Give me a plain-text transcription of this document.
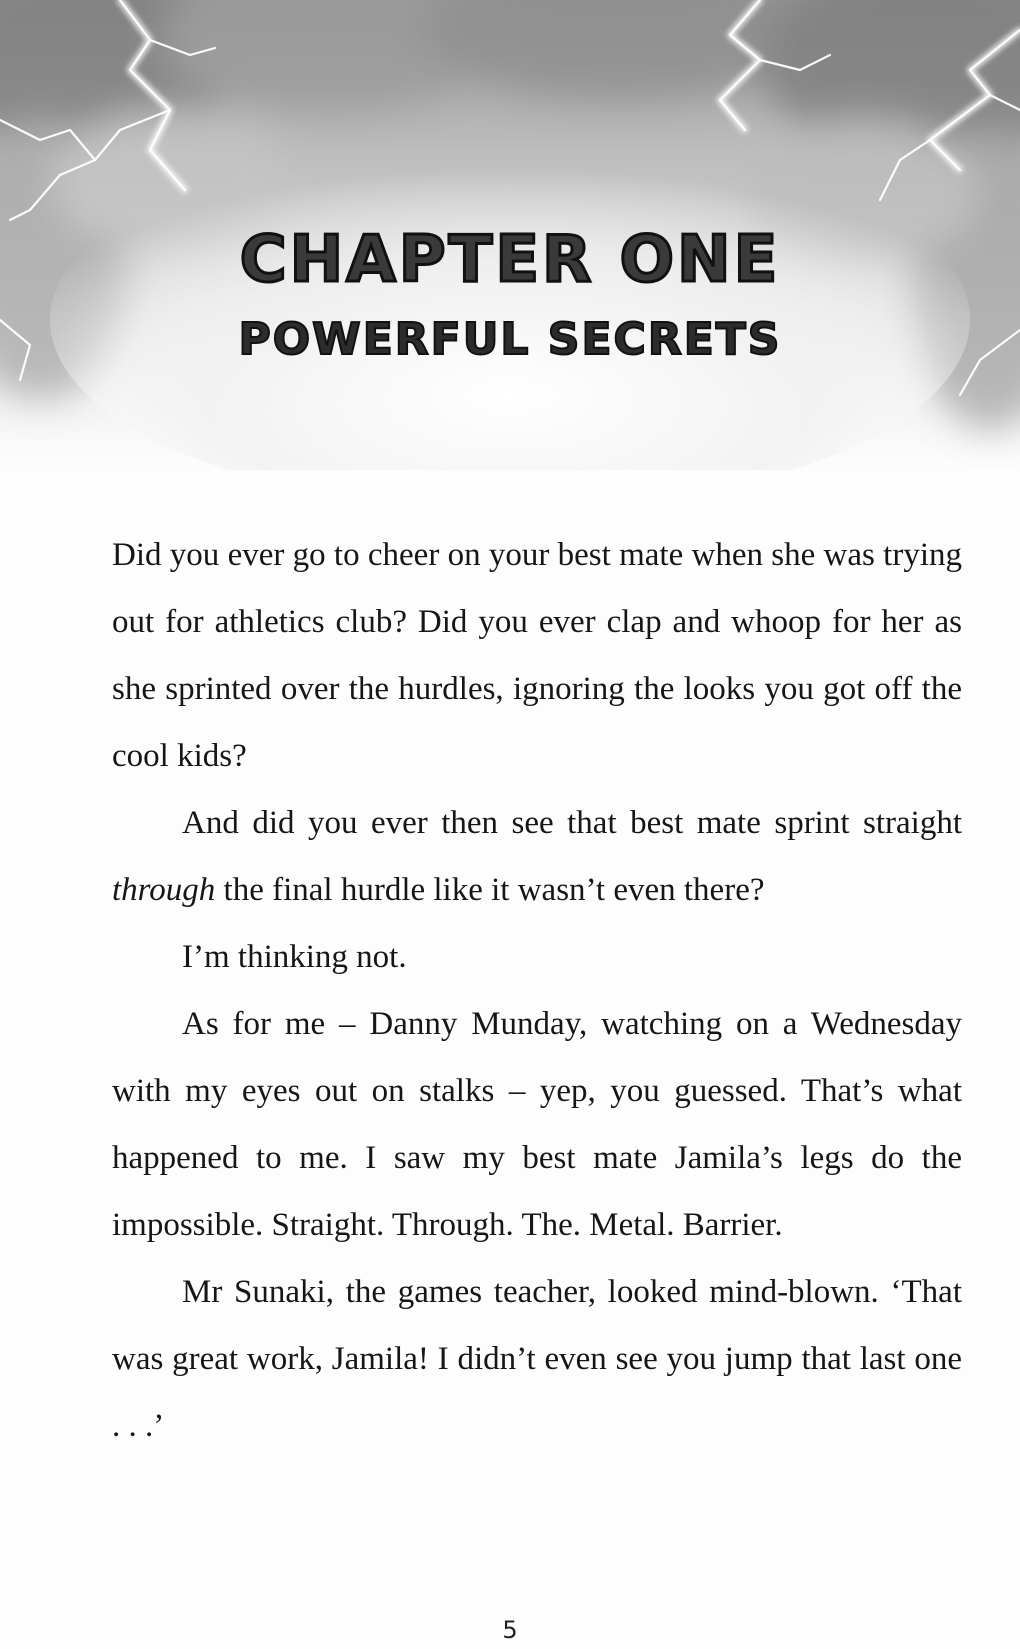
CHAPTER ONE
POWERFUL SECRETS

Did you ever go to cheer on your best mate when she was trying out for athletics club? Did you ever clap and whoop for her as she sprinted over the hurdles, ignoring the looks you got off the cool kids?

And did you ever then see that best mate sprint straight through the final hurdle like it wasn’t even there?

I’m thinking not.

As for me – Danny Munday, watching on a Wednesday with my eyes out on stalks – yep, you guessed. That’s what happened to me. I saw my best mate Jamila’s legs do the impossible. Straight. Through. The. Metal. Barrier.

Mr Sunaki, the games teacher, looked mind-blown. ‘That was great work, Jamila! I didn’t even see you jump that last one . . .’

5
